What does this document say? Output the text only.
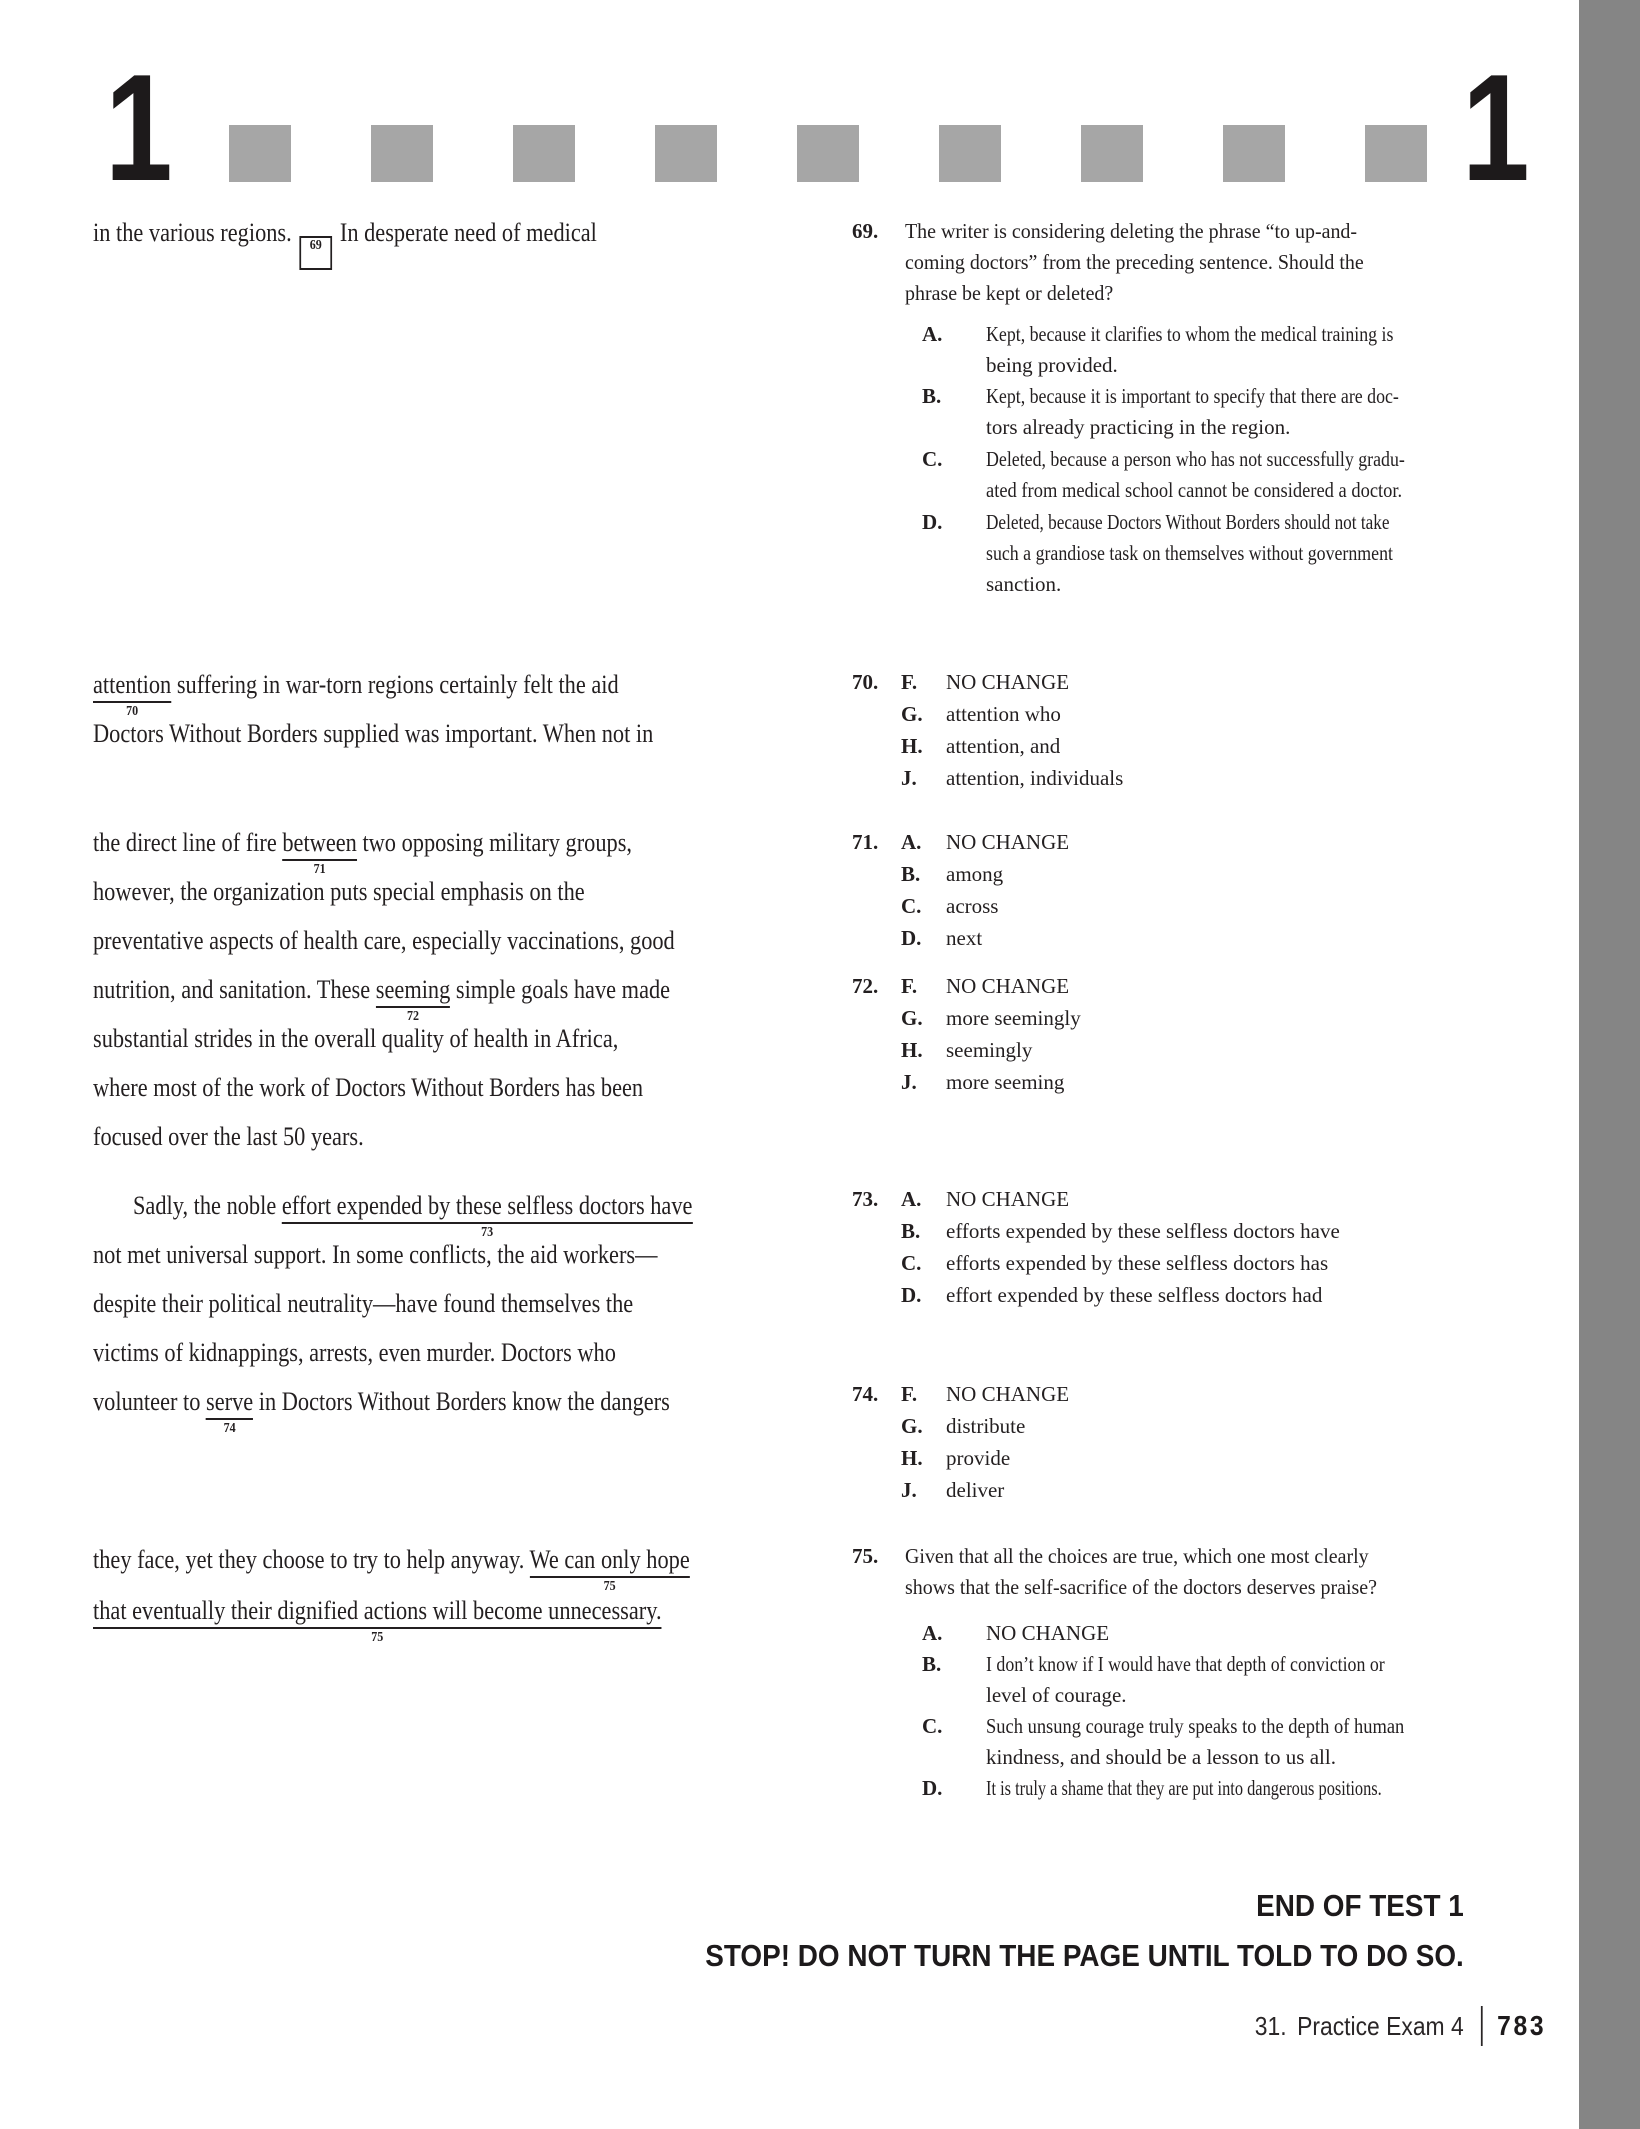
1	1
in the various regions. 69 In desperate need of medical
attention
70
suffering in war-torn regions certainly felt the aid
Doctors Without Borders supplied was important. When not in
the direct line of fire between
71
two opposing military groups,
however, the organization puts special emphasis on the
preventative aspects of health care, especially vaccinations, good
nutrition, and sanitation. These seeming
72
simple goals have made
substantial strides in the overall quality of health in Africa,
where most of the work of Doctors Without Borders has been
focused over the last 50 years.
Sadly, the noble effort expended by these selfless doctors have
73
not met universal support. In some conflicts, the aid workers—
despite their political neutrality—have found themselves the
victims of kidnappings, arrests, even murder. Doctors who
volunteer to serve
74
in Doctors Without Borders know the dangers
they face, yet they choose to try to help anyway. We can only hope
75
that eventually their dignified actions will become unnecessary.
75
69. The writer is considering deleting the phrase “to up-and-
coming doctors” from the preceding sentence. Should the
phrase be kept or deleted?
A. Kept, because it clarifies to whom the medical training is
being provided.
B. Kept, because it is important to specify that there are doc-
tors already practicing in the region.
C. Deleted, because a person who has not successfully gradu-
ated from medical school cannot be considered a doctor.
D. Deleted, because Doctors Without Borders should not take
such a grandiose task on themselves without government
sanction.
70. F. NO CHANGE
G. attention who
H. attention, and
J. attention, individuals
71. A. NO CHANGE
B. among
C. across
D. next
72. F. NO CHANGE
G. more seemingly
H. seemingly
J. more seeming
73. A. NO CHANGE
B. efforts expended by these selfless doctors have
C. efforts expended by these selfless doctors has
D. effort expended by these selfless doctors had
74. F. NO CHANGE
G. distribute
H. provide
J. deliver
75. Given that all the choices are true, which one most clearly
shows that the self-sacrifice of the doctors deserves praise?
A. NO CHANGE
B. I don’t know if I would have that depth of conviction or
level of courage.
C. Such unsung courage truly speaks to the depth of human
kindness, and should be a lesson to us all.
D. It is truly a shame that they are put into dangerous positions.
END OF TEST 1
STOP! DO NOT TURN THE PAGE UNTIL TOLD TO DO SO.
31. Practice Exam 4 783
